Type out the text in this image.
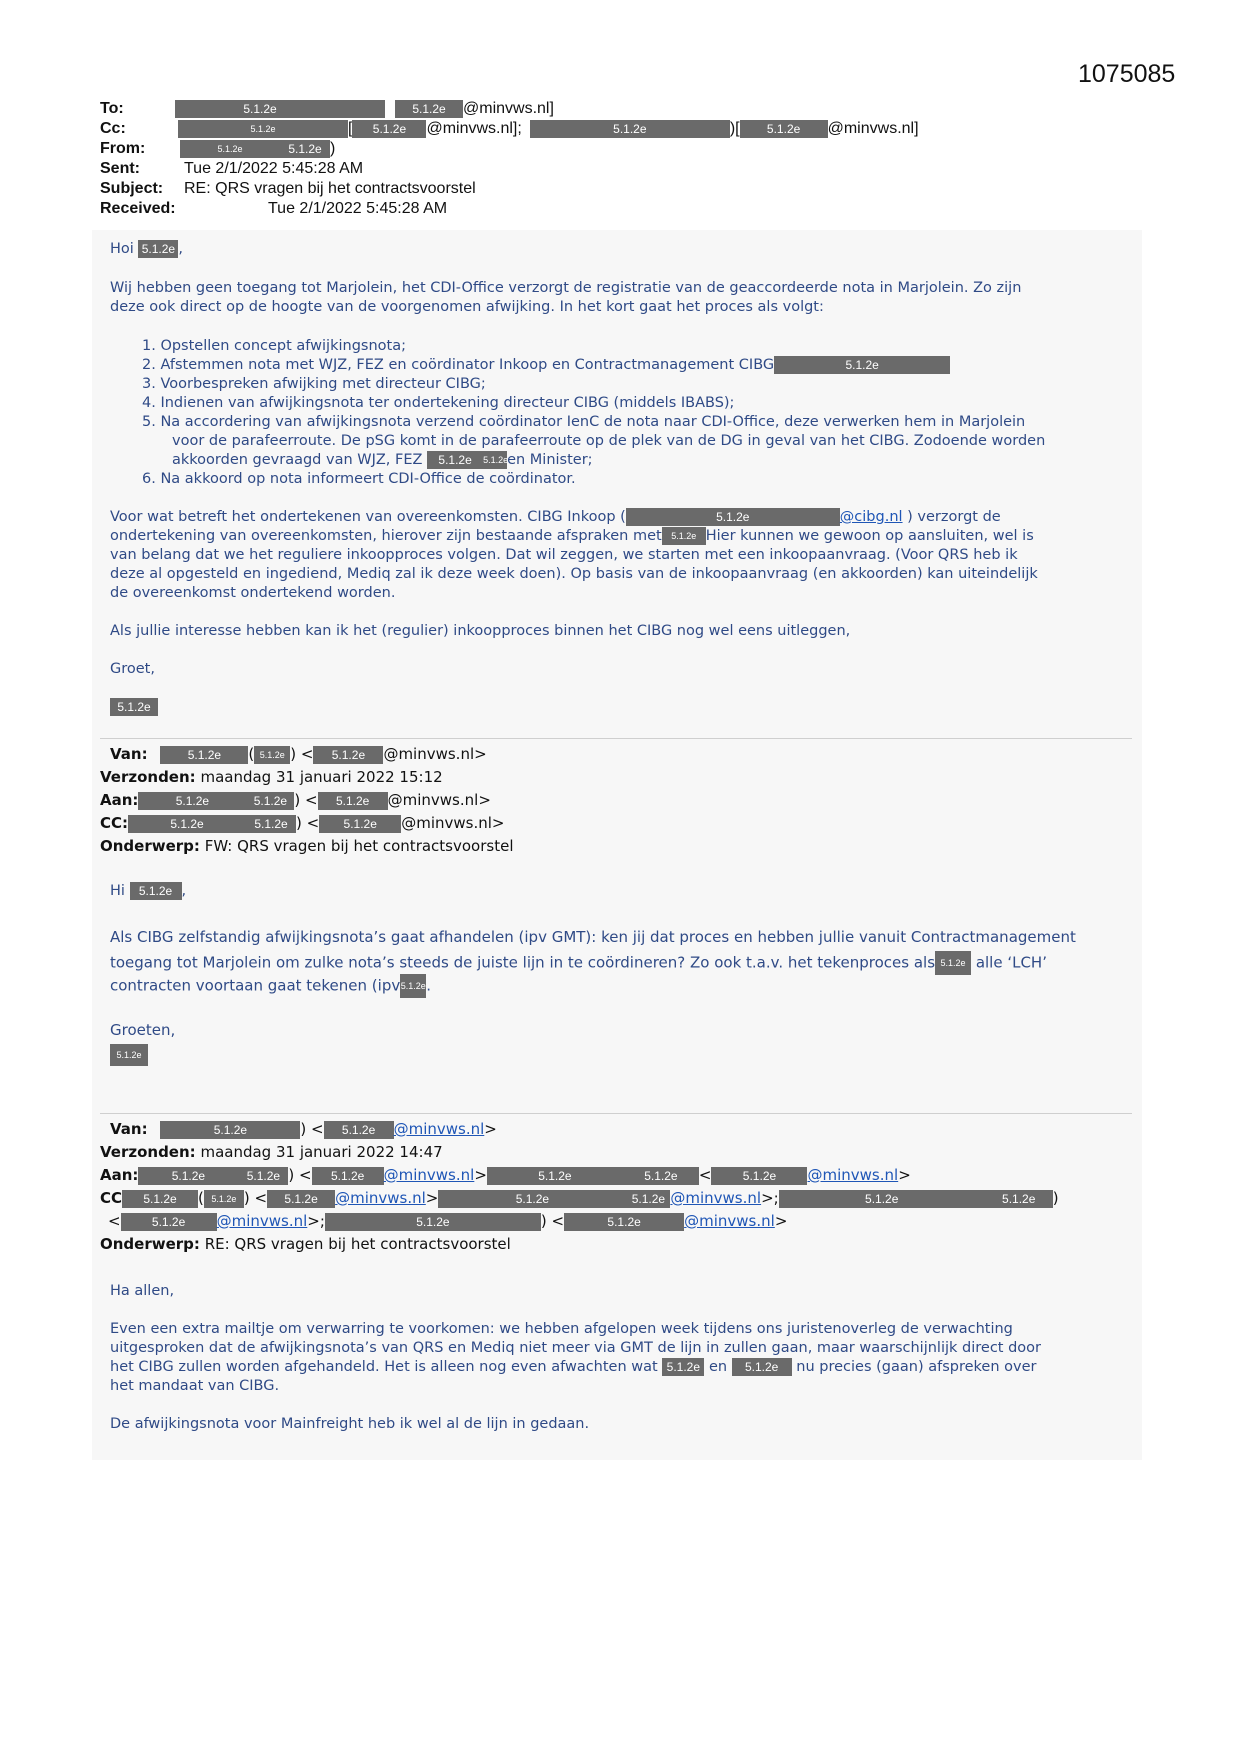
1075085
To:	5.1.2e	5.1.2e @minvws.nl]
Cc:	5.1.2e	[ 5.1.2e @minvws.nl];	5.1.2e	)[ 5.1.2e @minvws.nl]
From:	5.1.2e	5.1.2e )
Sent:	Tue 2/1/2022 5:45:28 AM
Subject: RE: QRS vragen bij het contractsvoorstel
Received:	Tue 2/1/2022 5:45:28 AM
Hoi 5.1.2e ,
Wij hebben geen toegang tot Marjolein, het CDI-Office verzorgt de registratie van de geaccordeerde nota in Marjolein. Zo zijn
deze ook direct op de hoogte van de voorgenomen afwijking. In het kort gaat het proces als volgt:
1. Opstellen concept afwijkingsnota;
2. Afstemmen nota met WJZ, FEZ en coördinator Inkoop en Contractmanagement CIBG	5.1.2e
3. Voorbespreken afwijking met directeur CIBG;
4. Indienen van afwijkingsnota ter ondertekening directeur CIBG (middels IBABS);
5. Na accordering van afwijkingsnota verzend coördinator IenC de nota naar CDI-Office, deze verwerken hem in Marjolein
voor de parafeerroute. De pSG komt in de parafeerroute op de plek van de DG in geval van het CIBG. Zodoende worden
akkoorden gevraagd van WJZ, FEZ 5.1.2e 5.1.2een Minister;
6. Na akkoord op nota informeert CDI-Office de coördinator.
Voor wat betreft het ondertekenen van overeenkomsten. CIBG Inkoop (	5.1.2e	@cibg.nl ) verzorgt de
ondertekening van overeenkomsten, hierover zijn bestaande afspraken met 5.1.2e Hier kunnen we gewoon op aansluiten, wel is
van belang dat we het reguliere inkoopproces volgen. Dat wil zeggen, we starten met een inkoopaanvraag. (Voor QRS heb ik
deze al opgesteld en ingediend, Mediq zal ik deze week doen). Op basis van de inkoopaanvraag (en akkoorden) kan uiteindelijk
de overeenkomst ondertekend worden.
Als jullie interesse hebben kan ik het (regulier) inkoopproces binnen het CIBG nog wel eens uitleggen,
Groet,
5.1.2e
Van:	5.1.2e ( 5.1.2e ) < 5.1.2e @minvws.nl>
Verzonden: maandag 31 januari 2022 15:12
Aan:	5.1.2e	5.1.2e ) < 5.1.2e @minvws.nl>
CC:	5.1.2e	5.1.2e ) < 5.1.2e @minvws.nl>
Onderwerp: FW: QRS vragen bij het contractsvoorstel
Hi 5.1.2e ,
Als CIBG zelfstandig afwijkingsnota’s gaat afhandelen (ipv GMT): ken jij dat proces en hebben jullie vanuit Contractmanagement
toegang tot Marjolein om zulke nota’s steeds de juiste lijn in te coördineren? Zo ook t.a.v. het tekenproces als 5.1.2e alle ‘LCH’
contracten voortaan gaat tekenen (ipv5.1.2e.
Groeten,
5.1.2e
Van:	5.1.2e	) < 5.1.2e @minvws.nl>
Verzonden: maandag 31 januari 2022 14:47
Aan:	5.1.2e	5.1.2e ) < 5.1.2e @minvws.nl>	5.1.2e	5.1.2e <	5.1.2e @minvws.nl>
CC 5.1.2e ( 5.1.2e ) < 5.1.2e @minvws.nl>	5.1.2e	5.1.2e @minvws.nl>;	5.1.2e	5.1.2e )
<	5.1.2e @minvws.nl>;	5.1.2e	) <	5.1.2e	@minvws.nl>
Onderwerp: RE: QRS vragen bij het contractsvoorstel
Ha allen,
Even een extra mailtje om verwarring te voorkomen: we hebben afgelopen week tijdens ons juristenoverleg de verwachting
uitgesproken dat de afwijkingsnota’s van QRS en Mediq niet meer via GMT de lijn in zullen gaan, maar waarschijnlijk direct door
het CIBG zullen worden afgehandeld. Het is alleen nog even afwachten wat 5.1.2e en 5.1.2e nu precies (gaan) afspreken over
het mandaat van CIBG.
De afwijkingsnota voor Mainfreight heb ik wel al de lijn in gedaan.
